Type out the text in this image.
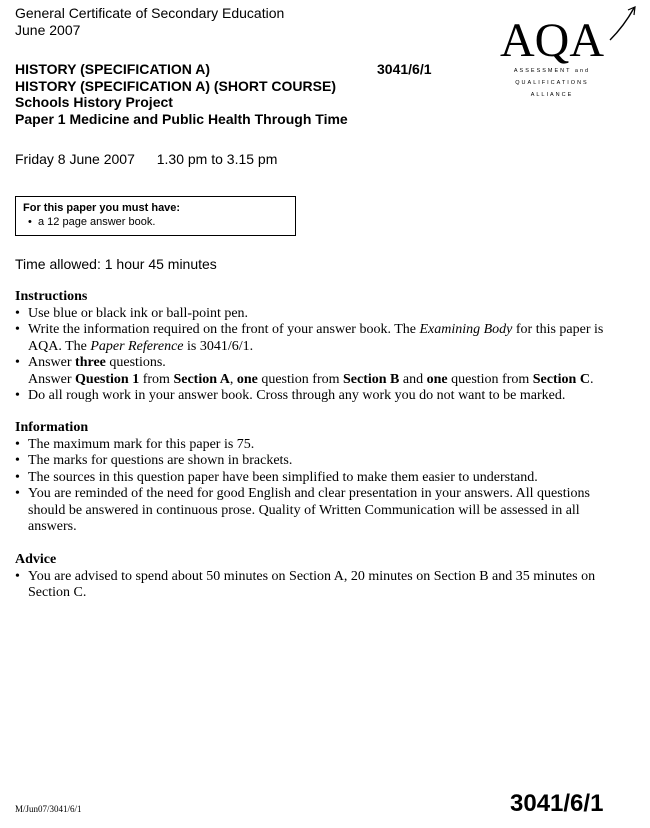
General Certificate of Secondary Education
June 2007	AQA
ASSESSMENT and
QUALIFICATIONS
ALLIANCE
HISTORY (SPECIFICATION A)
HISTORY (SPECIFICATION A) (SHORT COURSE)
Schools History Project
Paper 1 Medicine and Public Health Through Time
3041/6/1
Friday 8 June 2007 1.30 pm to 3.15 pm
For this paper you must have:
• a 12 page answer book.
Time allowed: 1 hour 45 minutes
Instructions
• Use blue or black ink or ball-point pen.
• Write the information required on the front of your answer book. The Examining Body for this paper is AQA. The Paper Reference is 3041/6/1.
• Answer three questions.
Answer Question 1 from Section A, one question from Section B and one question from Section C.
• Do all rough work in your answer book. Cross through any work you do not want to be marked.
Information
• The maximum mark for this paper is 75.
• The marks for questions are shown in brackets.
• The sources in this question paper have been simplified to make them easier to understand.
• You are reminded of the need for good English and clear presentation in your answers. All questions should be answered in continuous prose. Quality of Written Communication will be assessed in all answers.
Advice
• You are advised to spend about 50 minutes on Section A, 20 minutes on Section B and 35 minutes on Section C.
M/Jun07/3041/6/1	3041/6/1
